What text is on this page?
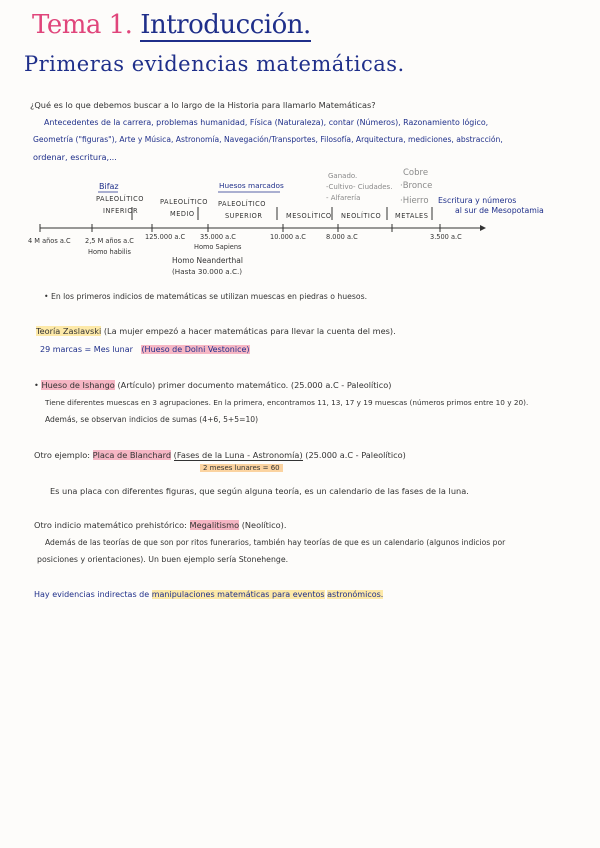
Tema 1. Introducción.
Primeras evidencias matemáticas.
¿Qué es lo que debemos buscar a lo largo de la Historia para llamarlo Matemáticas?
Antecedentes de la carrera, problemas humanidad, Física (Naturaleza), contar (Números), Razonamiento lógico,
Geometría ("figuras"), Arte y Música, Astronomía, Navegación/Transportes, Filosofía, Arquitectura, mediciones, abstracción,
ordenar, escritura,...
Bifaz
PALEOLÍTICO
INFERIOR
PALEOLÍTICO
MEDIO
Huesos marcados
PALEOLÍTICO
SUPERIOR	MESOLÍTICO NEOLÍTICO METALES
Ganado.
-Cultivo- Ciudades.
- Alfarería
Cobre
·Bronce
·Hierro Escritura y números
al sur de Mesopotamia
4 M años a.C 2,5 M años a.C
Homo habilis
125.000 a.C 35.000 a.C
Homo Sapiens
10.000 a.C	8.000 a.C	3.500 a.C
Homo Neanderthal
(Hasta 30.000 a.C.)
• En los primeros indicios de matemáticas se utilizan muescas en piedras o huesos.
Teoría Zaslavski (La mujer empezó a hacer matemáticas para llevar la cuenta del mes).
29 marcas = Mes lunar (Hueso de Dolni Vestonice)
• Hueso de Ishango (Artículo) primer documento matemático. (25.000 a.C - Paleolítico)
Tiene diferentes muescas en 3 agrupaciones. En la primera, encontramos 11, 13, 17 y 19 muescas (números primos entre 10 y 20).
Además, se observan indicios de sumas (4+6, 5+5=10)
Otro ejemplo: Placa de Blanchard (Fases de la Luna - Astronomía) (25.000 a.C - Paleolítico)
2 meses lunares = 60
Es una placa con diferentes figuras, que según alguna teoría, es un calendario de las fases de la luna.
Otro indicio matemático prehistórico: Megalitismo (Neolítico).
Además de las teorías de que son por ritos funerarios, también hay teorías de que es un calendario (algunos indicios por
posiciones y orientaciones). Un buen ejemplo sería Stonehenge.
Hay evidencias indirectas de manipulaciones matemáticas para eventos astronómicos.
